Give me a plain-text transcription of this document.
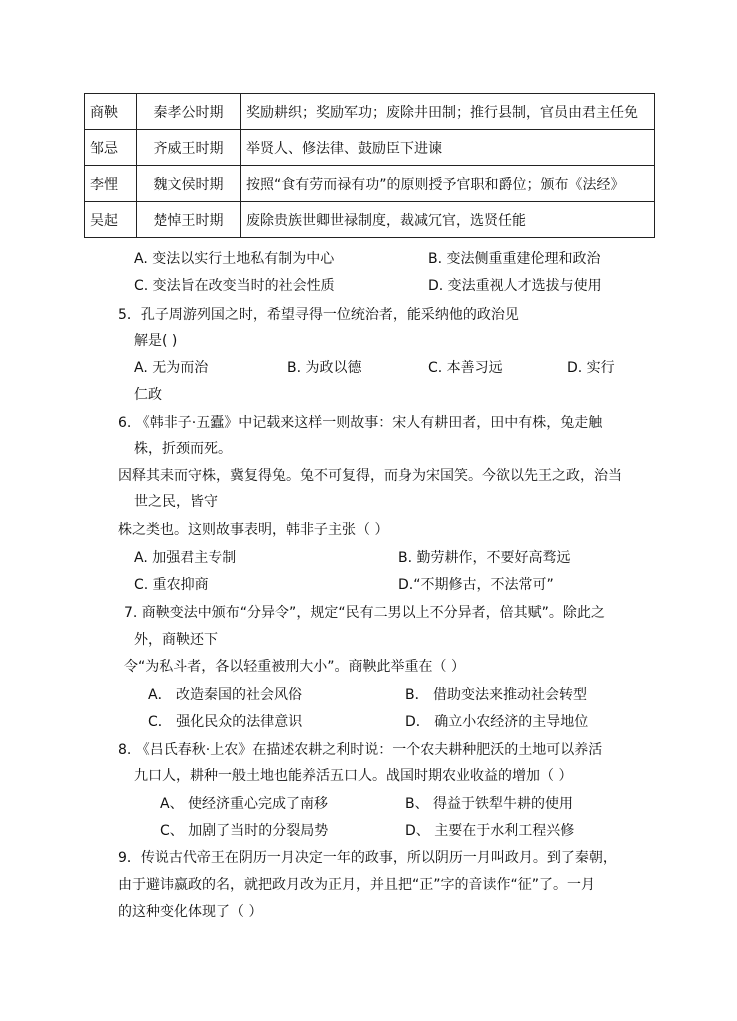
商鞅	秦孝公时期	奖励耕织；奖励军功；废除井田制；推行县制，官员由君主任免
邹忌	齐威王时期	举贤人、修法律、鼓励臣下进谏
李悝	魏文侯时期	按照“食有劳而禄有功”的原则授予官职和爵位；颁布《法经》
吴起	楚悼王时期	废除贵族世卿世禄制度，裁减冗官，选贤任能
A. 变法以实行土地私有制为中心	B. 变法侧重重建伦理和政治
C. 变法旨在改变当时的社会性质	D. 变法重视人才选拔与使用
5．孔子周游列国之时，希望寻得一位统治者，能采纳他的政治见
解是( )
A. 无为而治	B. 为政以德	C. 本善习远	D. 实行
仁政
6. 《韩非子·五蠹》中记载来这样一则故事：宋人有耕田者，田中有株，兔走触
株，折颈而死。
因释其耒而守株，冀复得兔。兔不可复得，而身为宋国笑。今欲以先王之政，治当
世之民，皆守
株之类也。这则故事表明，韩非子主张（ ）
A. 加强君主专制	B. 勤劳耕作，不要好高骛远
C. 重农抑商	D.“不期修古，不法常可”
7. 商鞅变法中颁布“分异令”，规定“民有二男以上不分异者，倍其赋”。除此之
外，商鞅还下
令“为私斗者，各以轻重被刑大小”。商鞅此举重在（ ）
A． 改造秦国的社会风俗	B． 借助变法来推动社会转型
C． 强化民众的法律意识	D． 确立小农经济的主导地位
8. 《吕氏春秋·上农》在描述农耕之利时说：一个农夫耕种肥沃的土地可以养活
九口人，耕种一般土地也能养活五口人。战国时期农业收益的增加（ ）
A、 使经济重心完成了南移	B、 得益于铁犁牛耕的使用
C、 加剧了当时的分裂局势	D、 主要在于水利工程兴修
9．传说古代帝王在阴历一月决定一年的政事，所以阴历一月叫政月。到了秦朝，
由于避讳嬴政的名，就把政月改为正月，并且把“正”字的音读作“征”了。一月
的这种变化体现了（ ）
